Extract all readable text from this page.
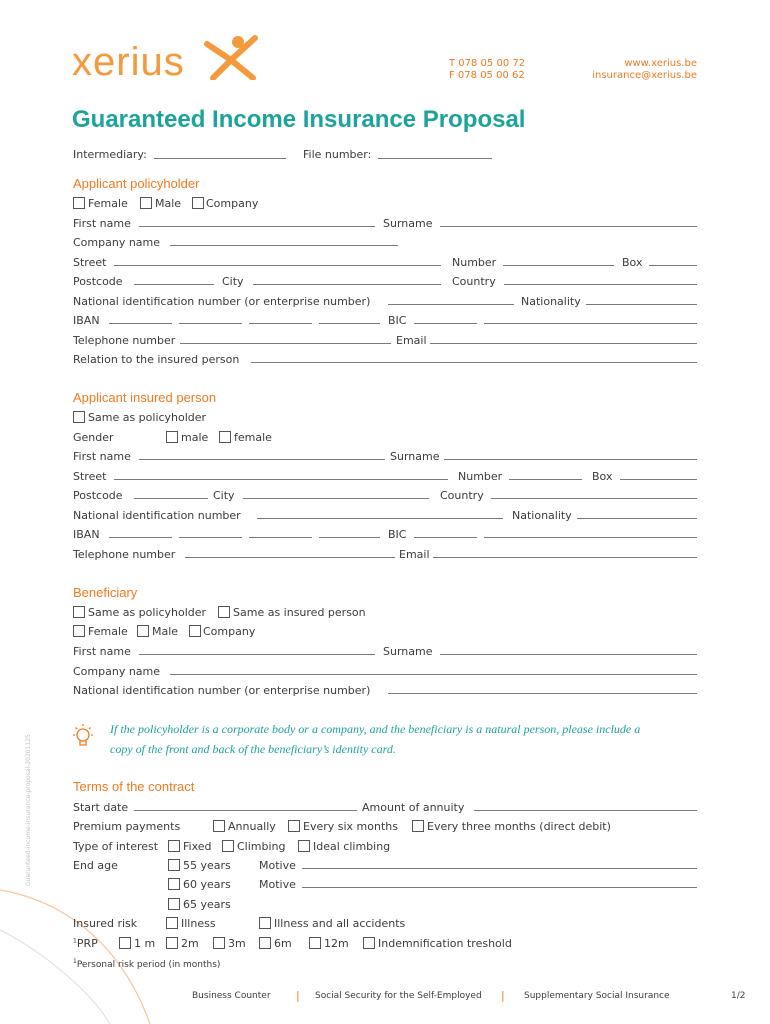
xerius	T 078 05 00 72
F 078 05 00 62
www.xerius.be
insurance@xerius.be
Guaranteed Income Insurance Proposal
Intermediary:	File number:
Applicant policyholder
Female Male Company
First name	Surname
Company name
Street	Number	Box
Postcode	City	Country
National identification number (or enterprise number)	Nationality
IBAN	BIC
Telephone number	Email
Relation to the insured person
Applicant insured person
Same as policyholder
Gender	male female
First name	Surname
Street	Number	Box
Postcode	City	Country
National identification number	Nationality
IBAN	BIC
Telephone number	Email
Beneficiary
Same as policyholder Same as insured person
Female Male Company
First name	Surname
Company name
National identification number (or enterprise number)
If the policyholder is a corporate body or a company, and the beneficiary is a natural person, please include a
copy of the front and back of the beneficiary’s identity card.
Terms of the contract
Start date	Amount of annuity
Premium payments	Annually Every six months	Every three months (direct debit)
Type of interest Fixed Climbing Ideal climbing
End age	55 years	Motive
60 years	Motive
65 years
Insured risk	Illness	Illness and all accidents
$^1$PRP	1 m 2m	3m	6m	12m	Indemnification treshold
$^1$Personal risk period (in months)
Guaranteed-income-insurance-proposal-20201125
Business Counter | Social Security for the Self-Employed | Supplementary Social Insurance	1/2
